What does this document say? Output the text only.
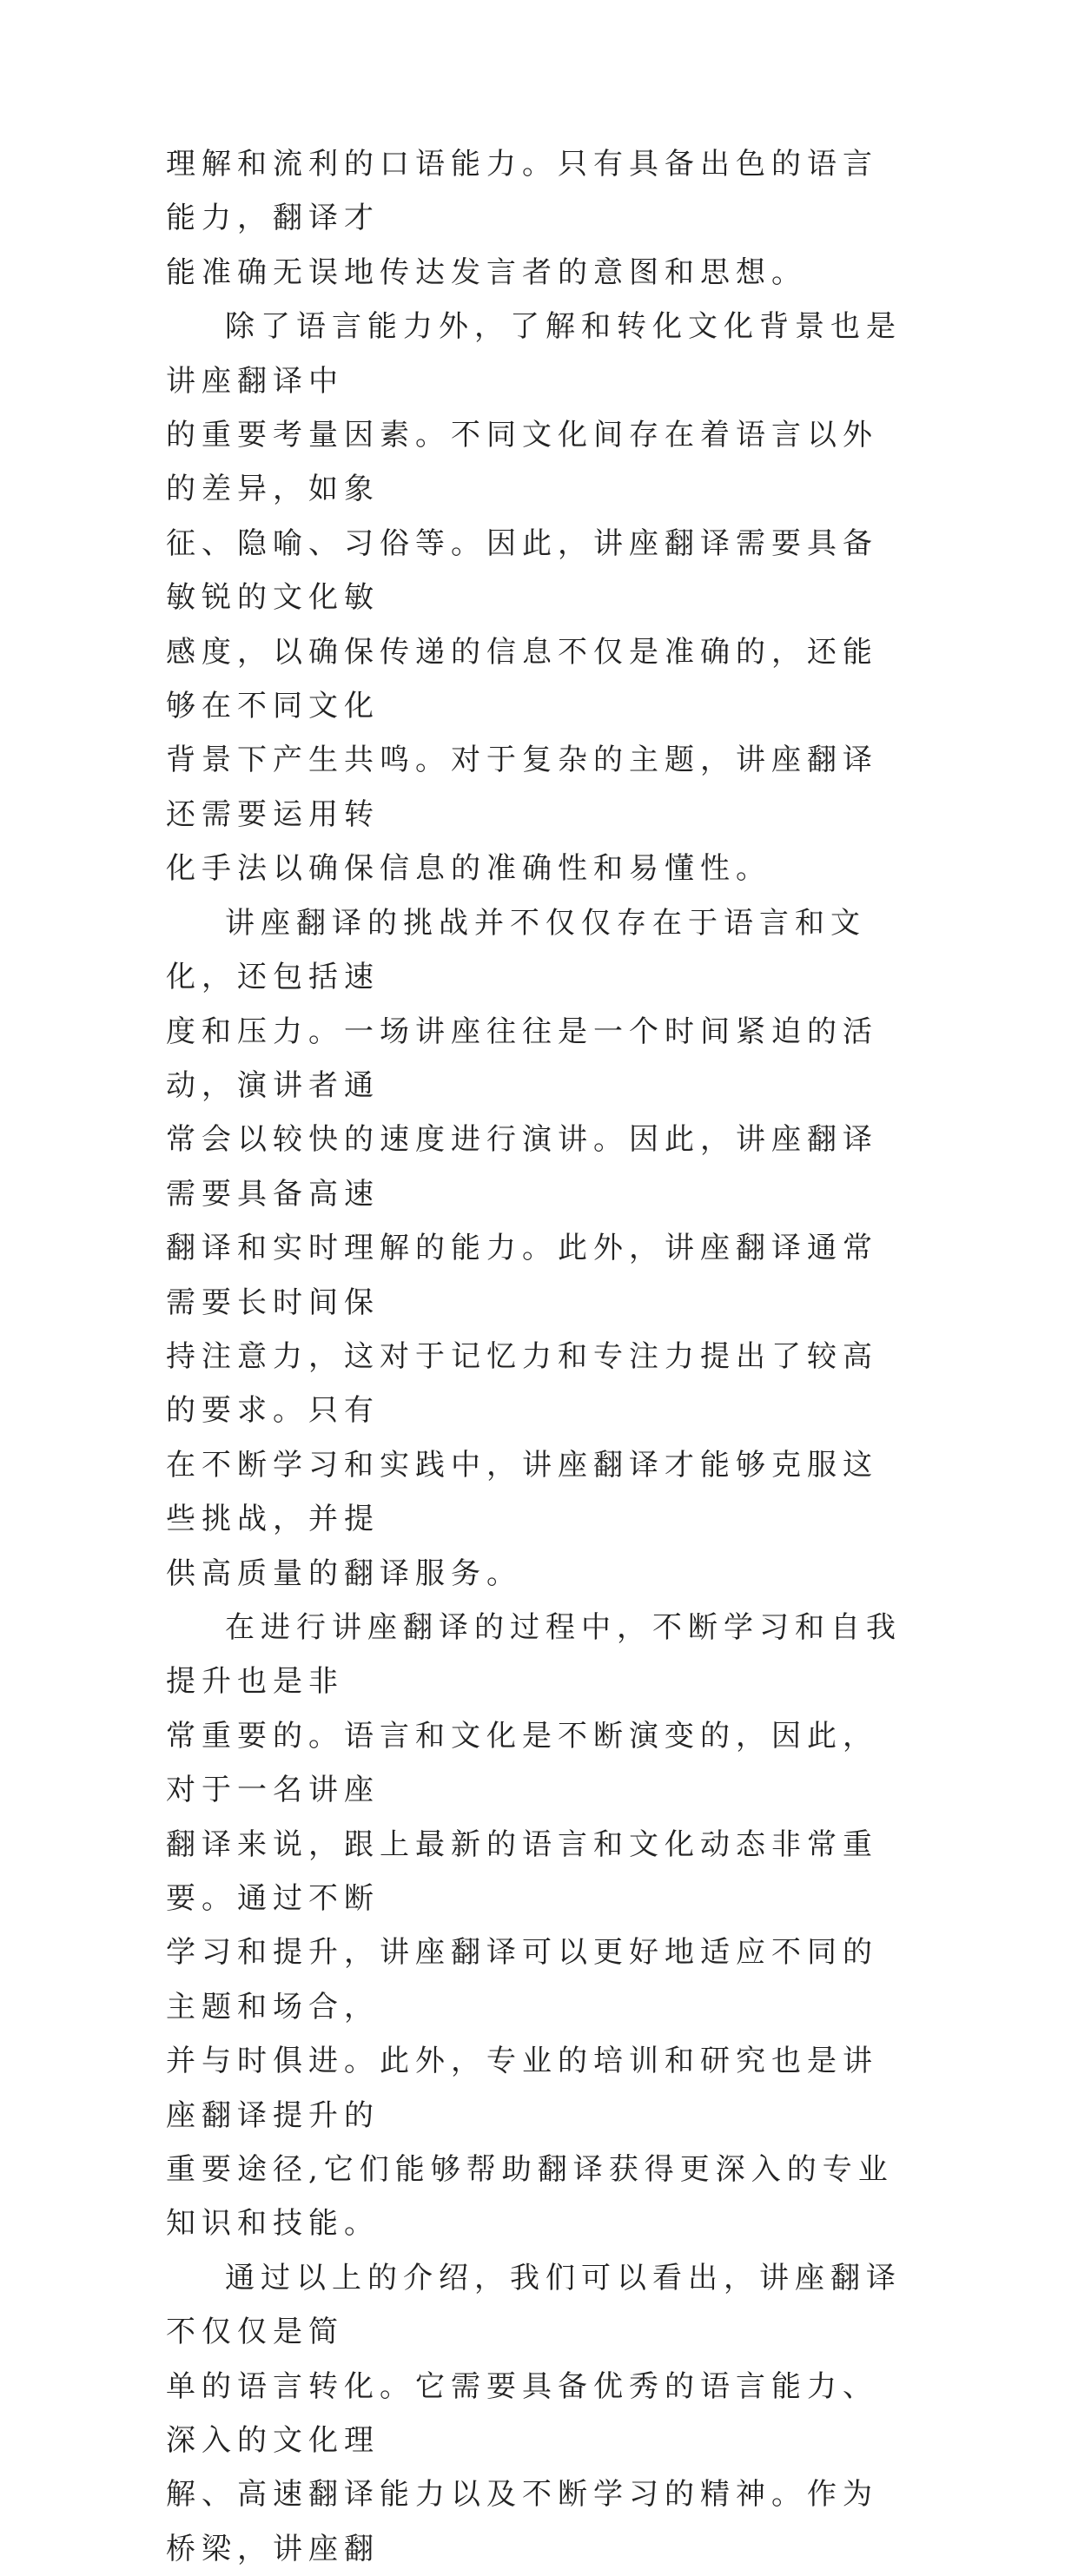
理解和流利的口语能力。只有具备出色的语言能力，翻译才
能准确无误地传达发言者的意图和思想。
除了语言能力外，了解和转化文化背景也是讲座翻译中
的重要考量因素。不同文化间存在着语言以外的差异，如象
征、隐喻、习俗等。因此，讲座翻译需要具备敏锐的文化敏
感度，以确保传递的信息不仅是准确的，还能够在不同文化
背景下产生共鸣。对于复杂的主题，讲座翻译还需要运用转
化手法以确保信息的准确性和易懂性。
讲座翻译的挑战并不仅仅存在于语言和文化，还包括速
度和压力。一场讲座往往是一个时间紧迫的活动，演讲者通
常会以较快的速度进行演讲。因此，讲座翻译需要具备高速
翻译和实时理解的能力。此外，讲座翻译通常需要长时间保
持注意力，这对于记忆力和专注力提出了较高的要求。只有
在不断学习和实践中，讲座翻译才能够克服这些挑战，并提
供高质量的翻译服务。
在进行讲座翻译的过程中，不断学习和自我提升也是非
常重要的。语言和文化是不断演变的，因此，对于一名讲座
翻译来说，跟上最新的语言和文化动态非常重要。通过不断
学习和提升，讲座翻译可以更好地适应不同的主题和场合，
并与时俱进。此外，专业的培训和研究也是讲座翻译提升的
重要途径,它们能够帮助翻译获得更深入的专业知识和技能。
通过以上的介绍，我们可以看出，讲座翻译不仅仅是简
单的语言转化。它需要具备优秀的语言能力、深入的文化理
解、高速翻译能力以及不断学习的精神。作为桥梁，讲座翻
